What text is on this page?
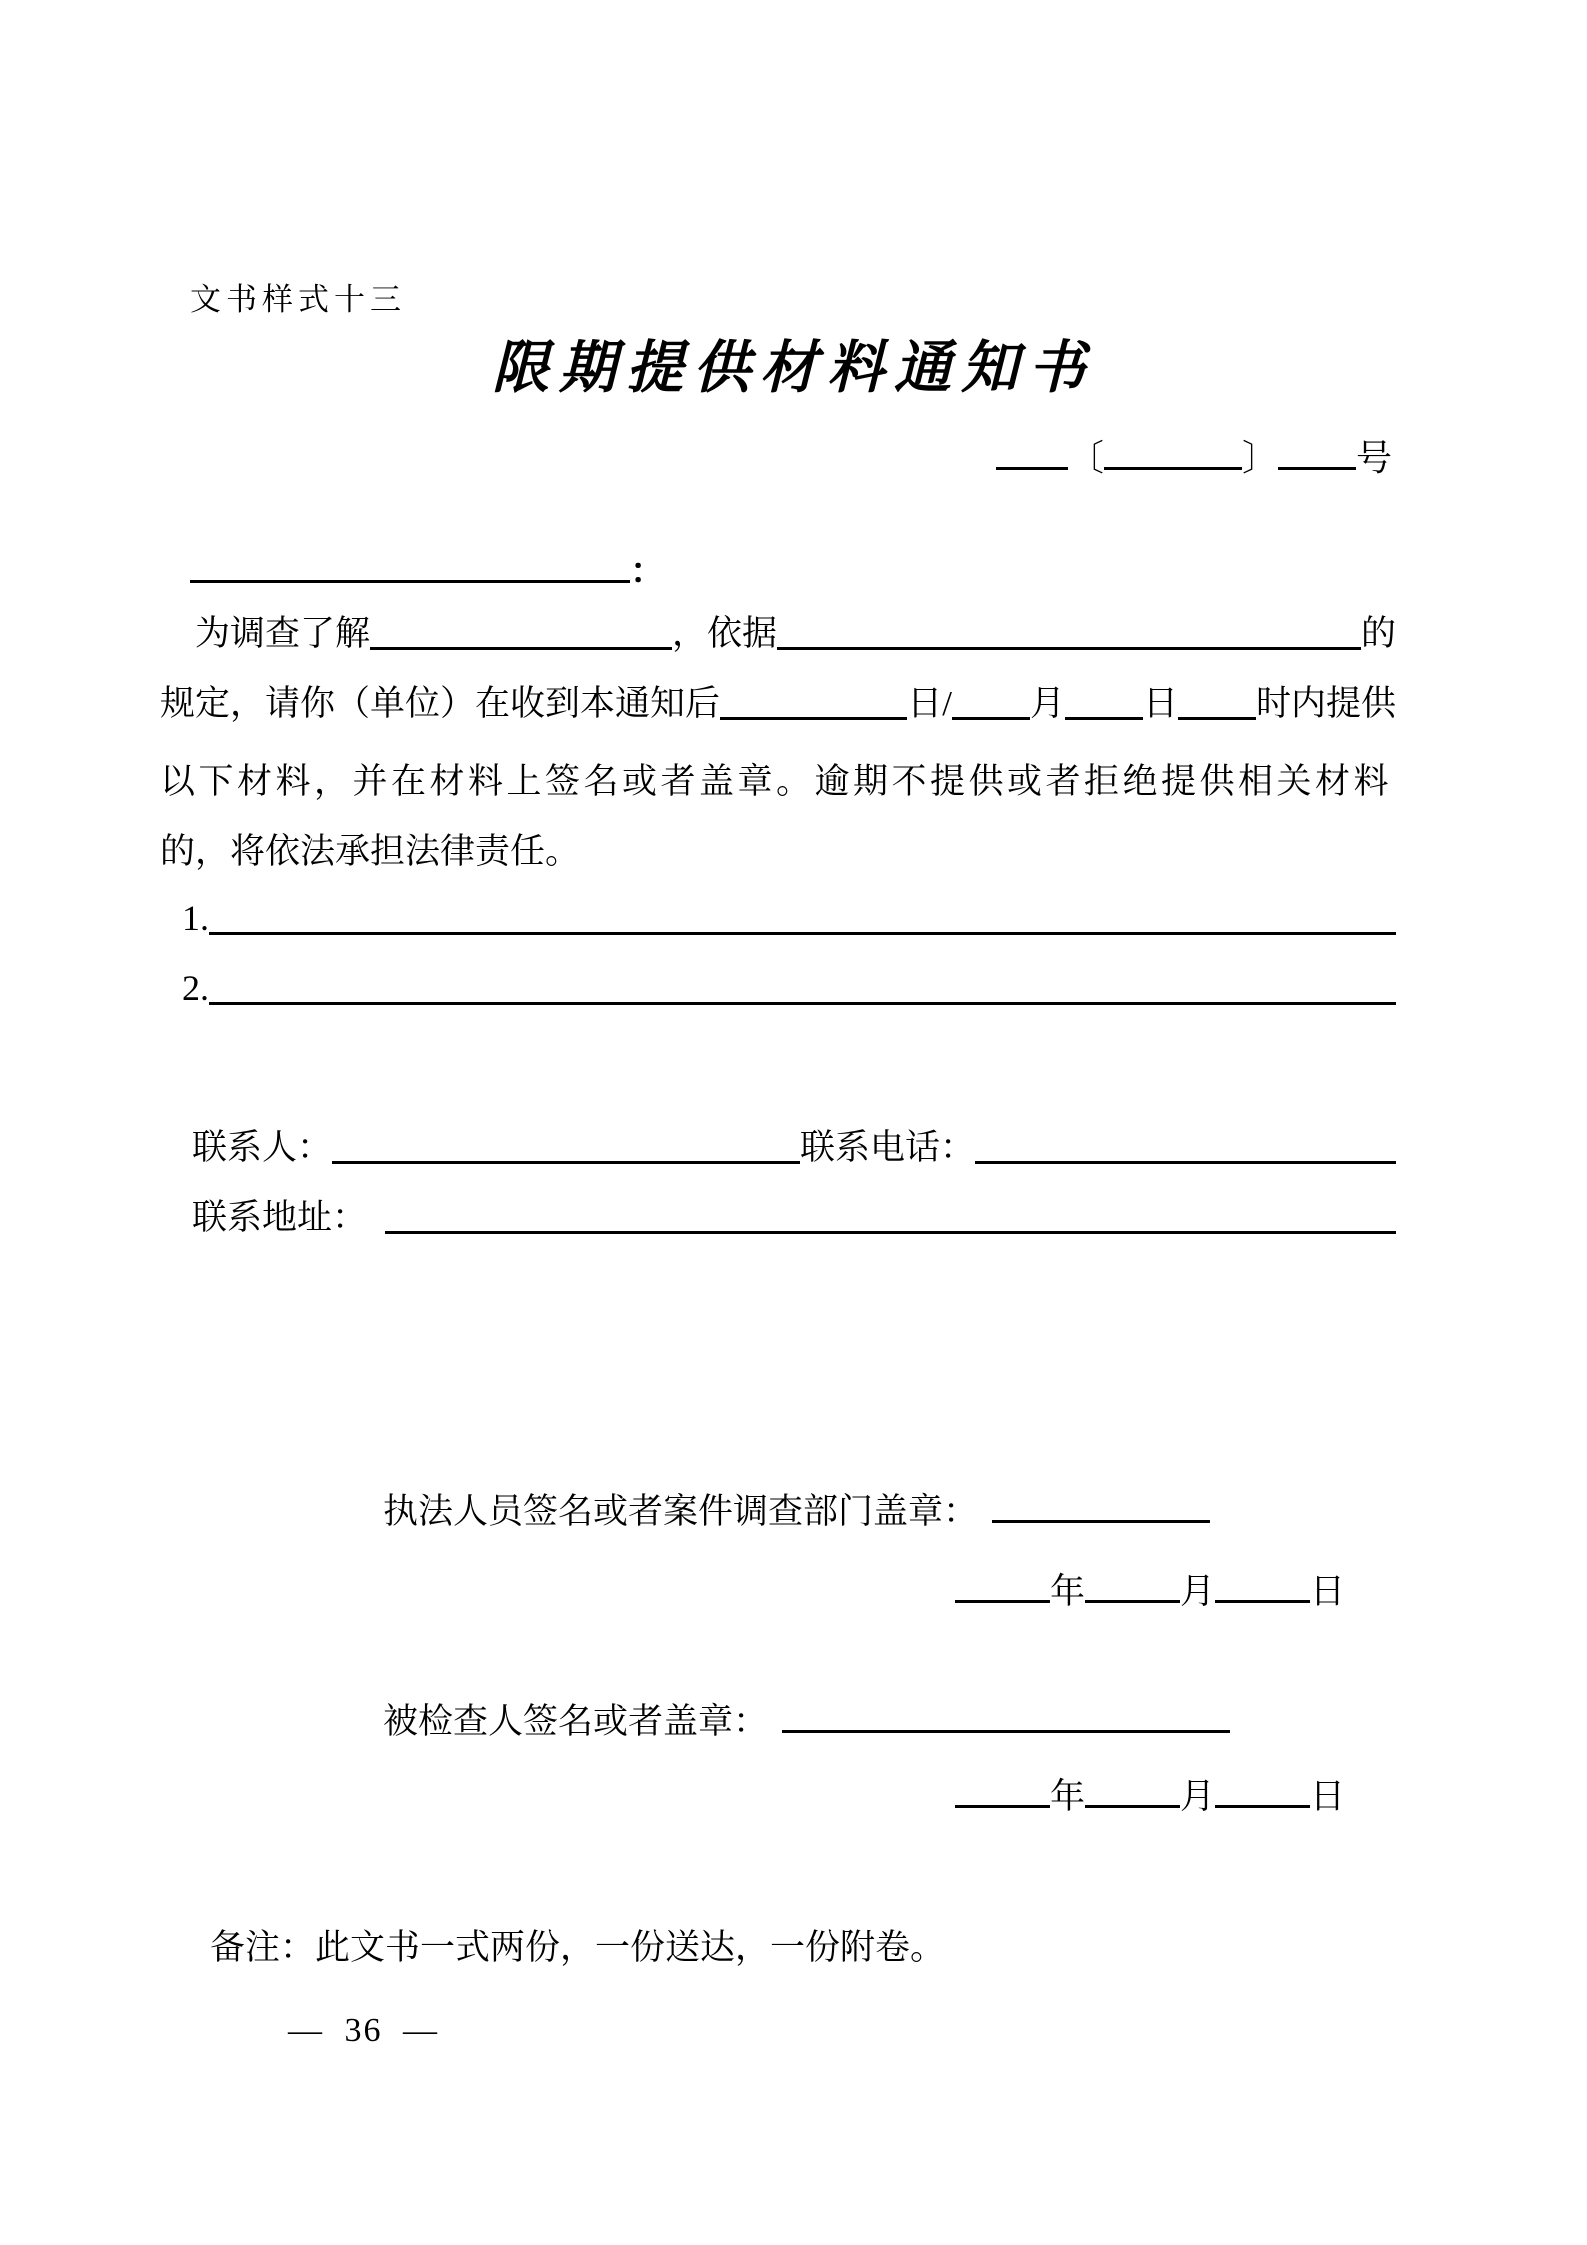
文书样式十三
限期提供材料通知书
〔	〕 号
：
为调查了解	，依据	的
规定，请你（单位）在收到本通知后	日/ 月 日 时内提供
以下材料，并在材料上签名或者盖章。逾期不提供或者拒绝提供相关材料
的，将依法承担法律责任。
1.
2.
联系人：	联系电话：
联系地址：
执法人员签名或者案件调查部门盖章：
年	月	日
被检查人签名或者盖章：
年	月	日
备注：此文书一式两份，一份送达，一份附卷。
— 36 —
